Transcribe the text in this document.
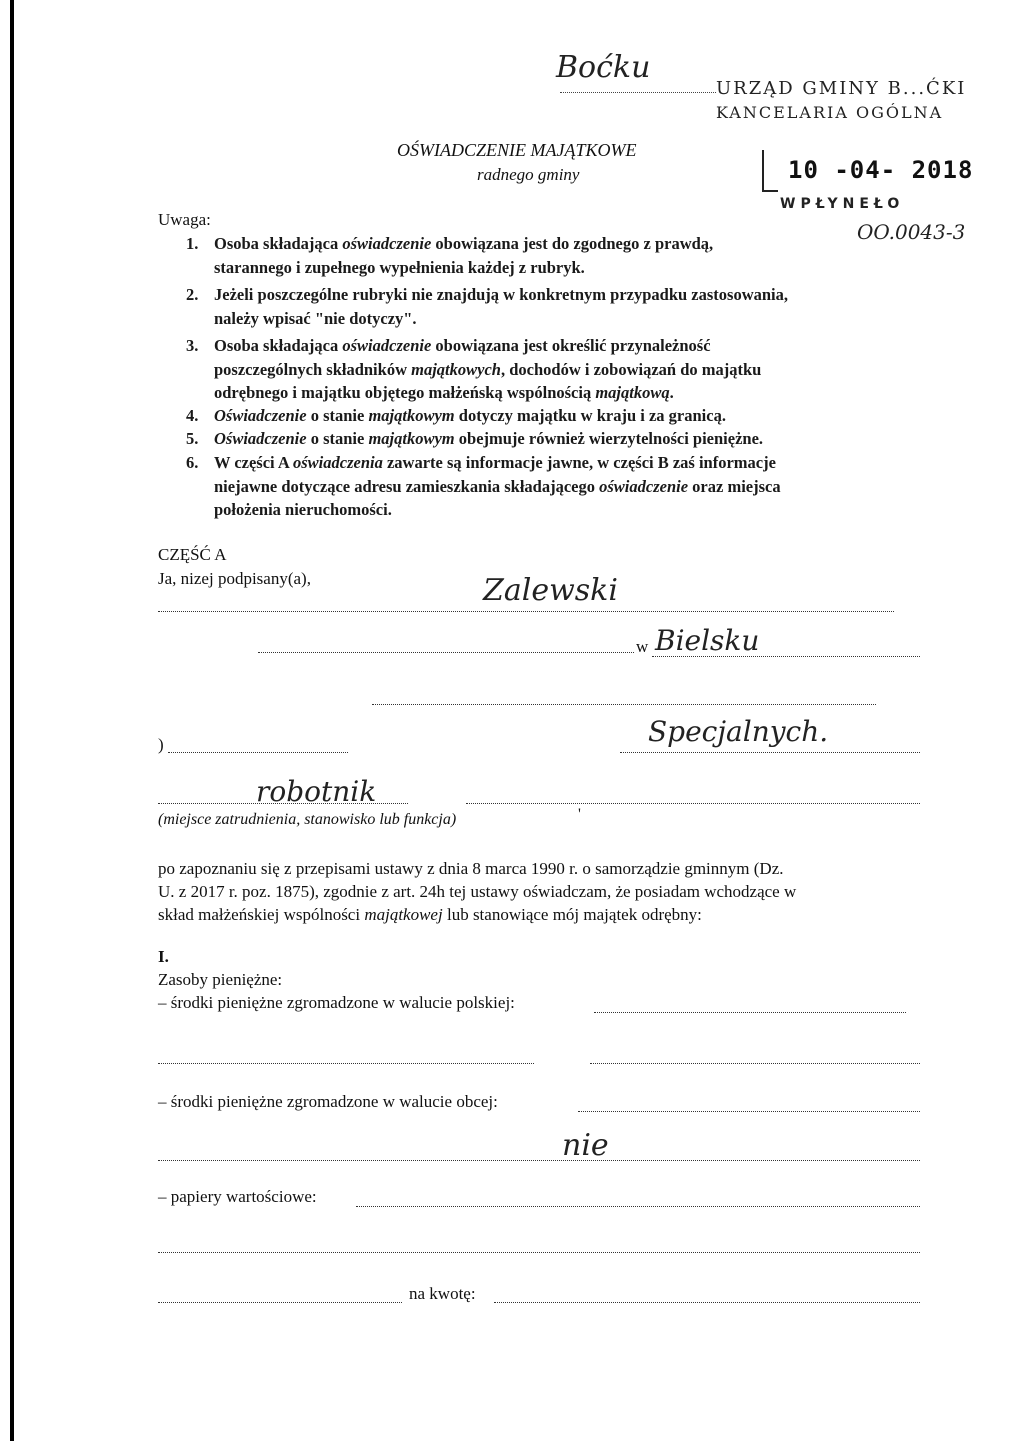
Boćku
URZĄD GMINY B...ĆKI
KANCELARIA OGÓLNA
10 -04- 2018
WPŁYNEŁO
OO.0043-3
OŚWIADCZENIE MAJĄTKOWE
radnego gminy
Uwaga:
1. Osoba składająca oświadczenie obowiązana jest do zgodnego z prawdą,
starannego i zupełnego wypełnienia każdej z rubryk.
2. Jeżeli poszczególne rubryki nie znajdują w konkretnym przypadku zastosowania,
należy wpisać "nie dotyczy".
3. Osoba składająca oświadczenie obowiązana jest określić przynależność
poszczególnych składników majątkowych, dochodów i zobowiązań do majątku
odrębnego i majątku objętego małżeńską wspólnością majątkową.
4. Oświadczenie o stanie majątkowym dotyczy majątku w kraju i za granicą.
5. Oświadczenie o stanie majątkowym obejmuje również wierzytelności pieniężne.
6. W części A oświadczenia zawarte są informacje jawne, w części B zaś informacje
niejawne dotyczące adresu zamieszkania składającego oświadczenie oraz miejsca
położenia nieruchomości.
CZĘŚĆ A
Ja, nizej podpisany(a),	Zalewski
w Bielsku
)	Specjalnych.
robotnik
(miejsce zatrudnienia, stanowisko lub funkcja)	'
po zapoznaniu się z przepisami ustawy z dnia 8 marca 1990 r. o samorządzie gminnym (Dz.
U. z 2017 r. poz. 1875), zgodnie z art. 24h tej ustawy oświadczam, że posiadam wchodzące w
skład małżeńskiej wspólności majątkowej lub stanowiące mój majątek odrębny:
I.
Zasoby pieniężne:
– środki pieniężne zgromadzone w walucie polskiej:
– środki pieniężne zgromadzone w walucie obcej:
nie
– papiery wartościowe:
na kwotę:
